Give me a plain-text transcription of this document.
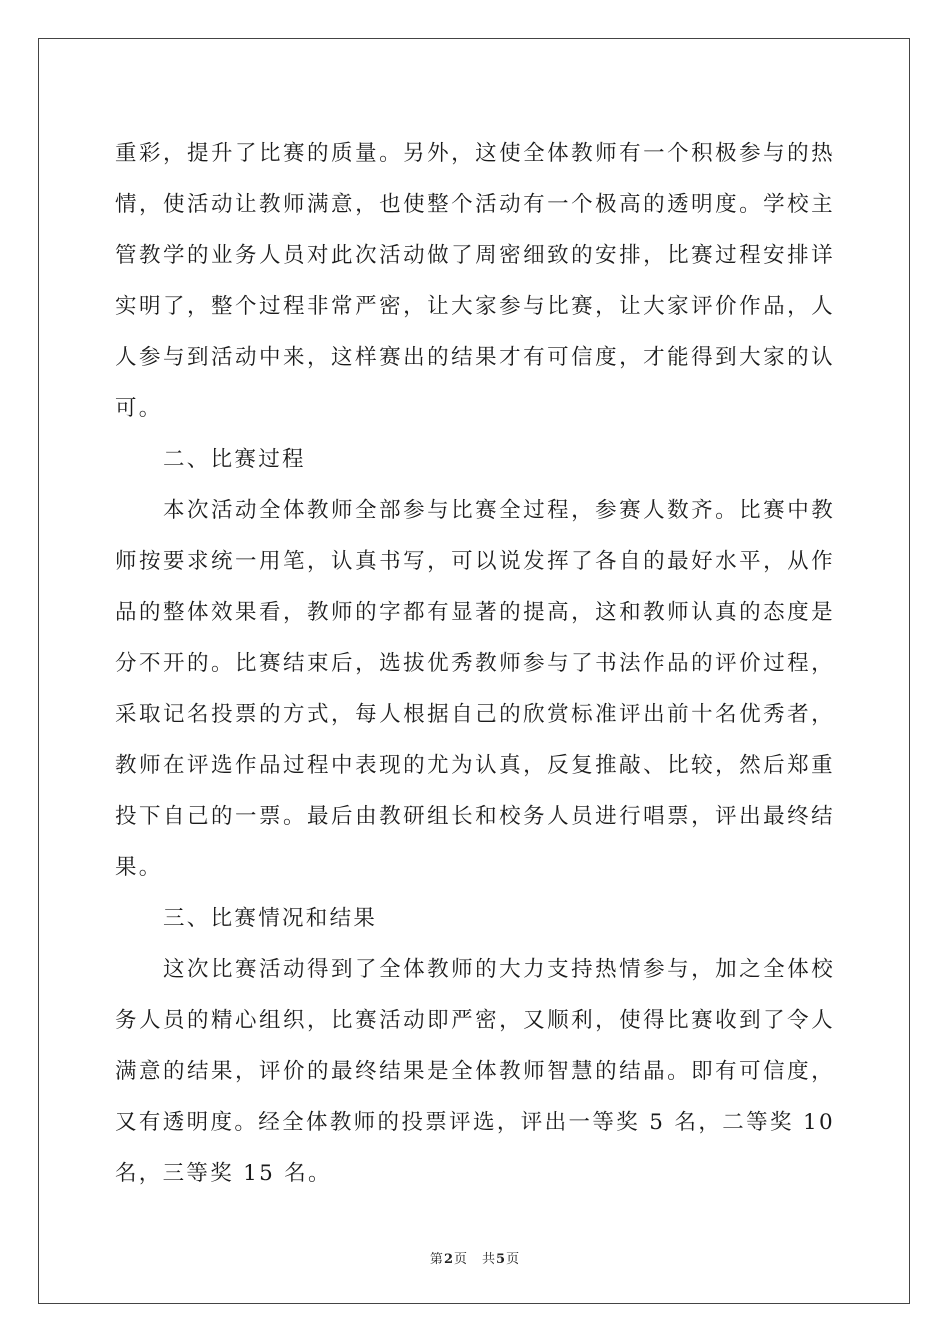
重彩，提升了比赛的质量。另外，这使全体教师有一个积极参与的热情，使活动让教师满意，也使整个活动有一个极高的透明度。学校主管教学的业务人员对此次活动做了周密细致的安排，比赛过程安排详实明了，整个过程非常严密，让大家参与比赛，让大家评价作品，人人参与到活动中来，这样赛出的结果才有可信度，才能得到大家的认可。

二、比赛过程

本次活动全体教师全部参与比赛全过程，参赛人数齐。比赛中教师按要求统一用笔，认真书写，可以说发挥了各自的最好水平，从作品的整体效果看，教师的字都有显著的提高，这和教师认真的态度是分不开的。比赛结束后，选拔优秀教师参与了书法作品的评价过程，采取记名投票的方式，每人根据自己的欣赏标准评出前十名优秀者，教师在评选作品过程中表现的尤为认真，反复推敲、比较，然后郑重投下自己的一票。最后由教研组长和校务人员进行唱票，评出最终结果。

三、比赛情况和结果

这次比赛活动得到了全体教师的大力支持热情参与，加之全体校务人员的精心组织，比赛活动即严密，又顺利，使得比赛收到了令人满意的结果，评价的最终结果是全体教师智慧的结晶。即有可信度，又有透明度。经全体教师的投票评选，评出一等奖 5 名，二等奖 10 名，三等奖 15 名。

第2页 共5页
